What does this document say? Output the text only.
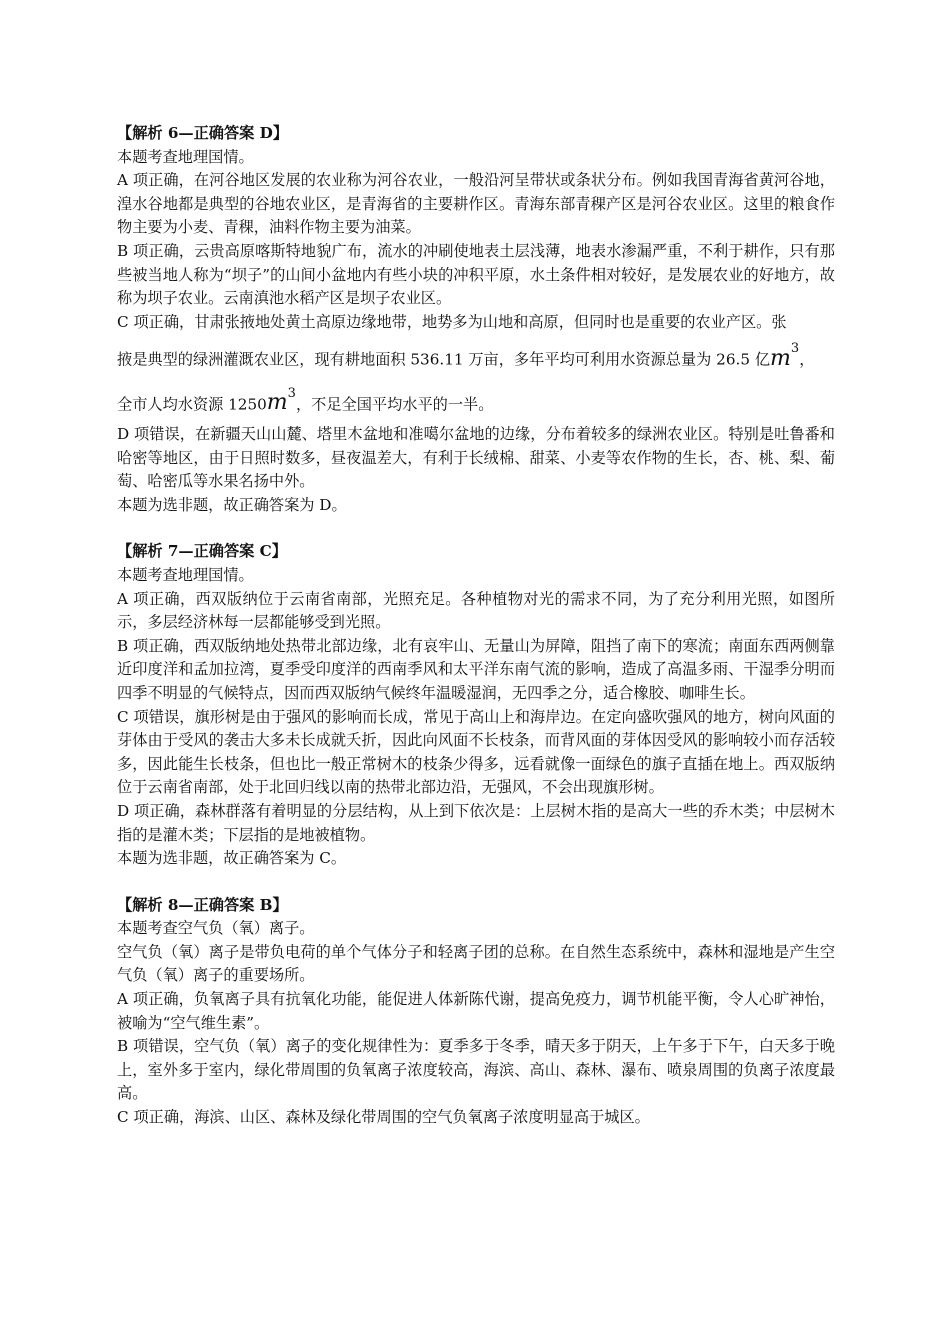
【解析 6—正确答案 D】

本题考查地理国情。

A 项正确，在河谷地区发展的农业称为河谷农业，一般沿河呈带状或条状分布。例如我国青海省黄河谷地，湟水谷地都是典型的谷地农业区，是青海省的主要耕作区。青海东部青稞产区是河谷农业区。这里的粮食作物主要为小麦、青稞，油料作物主要为油菜。

B 项正确，云贵高原喀斯特地貌广布，流水的冲刷使地表土层浅薄，地表水渗漏严重，不利于耕作，只有那些被当地人称为“坝子”的山间小盆地内有些小块的冲积平原，水土条件相对较好，是发展农业的好地方，故称为坝子农业。云南滇池水稻产区是坝子农业区。

C 项正确，甘肃张掖地处黄土高原边缘地带，地势多为山地和高原，但同时也是重要的农业产区。张

掖是典型的绿洲灌溉农业区，现有耕地面积 536.11 万亩，多年平均可利用水资源总量为 26.5 亿$m^3$，

全市人均水资源 $1250m^3$，不足全国平均水平的一半。

D 项错误，在新疆天山山麓、塔里木盆地和准噶尔盆地的边缘，分布着较多的绿洲农业区。特别是吐鲁番和哈密等地区，由于日照时数多，昼夜温差大，有利于长绒棉、甜菜、小麦等农作物的生长，杏、桃、梨、葡萄、哈密瓜等水果名扬中外。

本题为选非题，故正确答案为 D。

【解析 7—正确答案 C】

本题考查地理国情。

A 项正确，西双版纳位于云南省南部，光照充足。各种植物对光的需求不同，为了充分利用光照，如图所示，多层经济林每一层都能够受到光照。

B 项正确，西双版纳地处热带北部边缘，北有哀牢山、无量山为屏障，阻挡了南下的寒流；南面东西两侧靠近印度洋和孟加拉湾，夏季受印度洋的西南季风和太平洋东南气流的影响，造成了高温多雨、干湿季分明而四季不明显的气候特点，因而西双版纳气候终年温暖湿润，无四季之分，适合橡胶、咖啡生长。

C 项错误，旗形树是由于强风的影响而长成，常见于高山上和海岸边。在定向盛吹强风的地方，树向风面的芽体由于受风的袭击大多未长成就夭折，因此向风面不长枝条，而背风面的芽体因受风的影响较小而存活较多，因此能生长枝条，但也比一般正常树木的枝条少得多，远看就像一面绿色的旗子直插在地上。西双版纳位于云南省南部，处于北回归线以南的热带北部边沿，无强风，不会出现旗形树。

D 项正确，森林群落有着明显的分层结构，从上到下依次是：上层树木指的是高大一些的乔木类；中层树木指的是灌木类；下层指的是地被植物。

本题为选非题，故正确答案为 C。

【解析 8—正确答案 B】

本题考查空气负（氧）离子。

空气负（氧）离子是带负电荷的单个气体分子和轻离子团的总称。在自然生态系统中，森林和湿地是产生空气负（氧）离子的重要场所。

A 项正确，负氧离子具有抗氧化功能，能促进人体新陈代谢，提高免疫力，调节机能平衡，令人心旷神怡，被喻为“空气维生素”。

B 项错误，空气负（氧）离子的变化规律性为：夏季多于冬季，晴天多于阴天，上午多于下午，白天多于晚上，室外多于室内，绿化带周围的负氧离子浓度较高，海滨、高山、森林、瀑布、喷泉周围的负离子浓度最高。

C 项正确，海滨、山区、森林及绿化带周围的空气负氧离子浓度明显高于城区。
